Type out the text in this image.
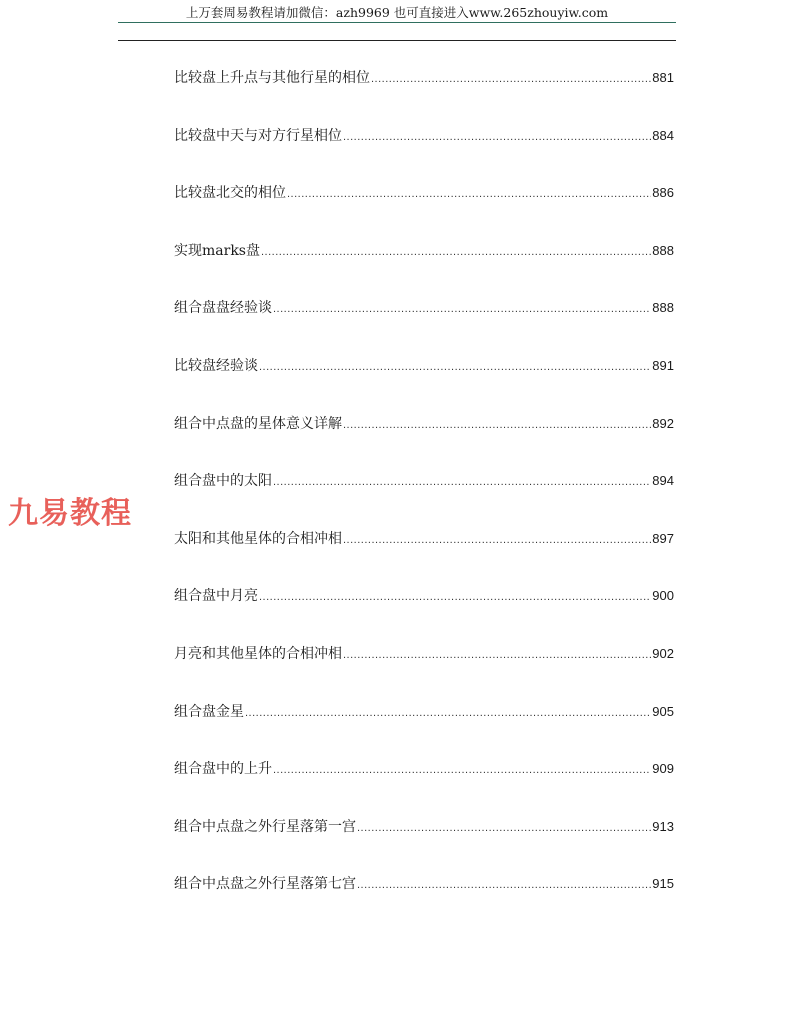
上万套周易教程请加微信：azh9969 也可直接进入www.265zhouyiw.com
九易教程
比较盘上升点与其他行星的相位 .....	881
比较盘中天与对方行星相位 .....	884
比较盘北交的相位 .....	886
实现marks盘 .....	888
组合盘盘经验谈 .....	888
比较盘经验谈 .....	891
组合中点盘的星体意义详解 .....	892
组合盘中的太阳 .....	894
太阳和其他星体的合相冲相 .....	897
组合盘中月亮 .....	900
月亮和其他星体的合相冲相 .....	902
组合盘金星 .....	905
组合盘中的上升 .....	909
组合中点盘之外行星落第一宫 .....	913
组合中点盘之外行星落第七宫 .....	915
